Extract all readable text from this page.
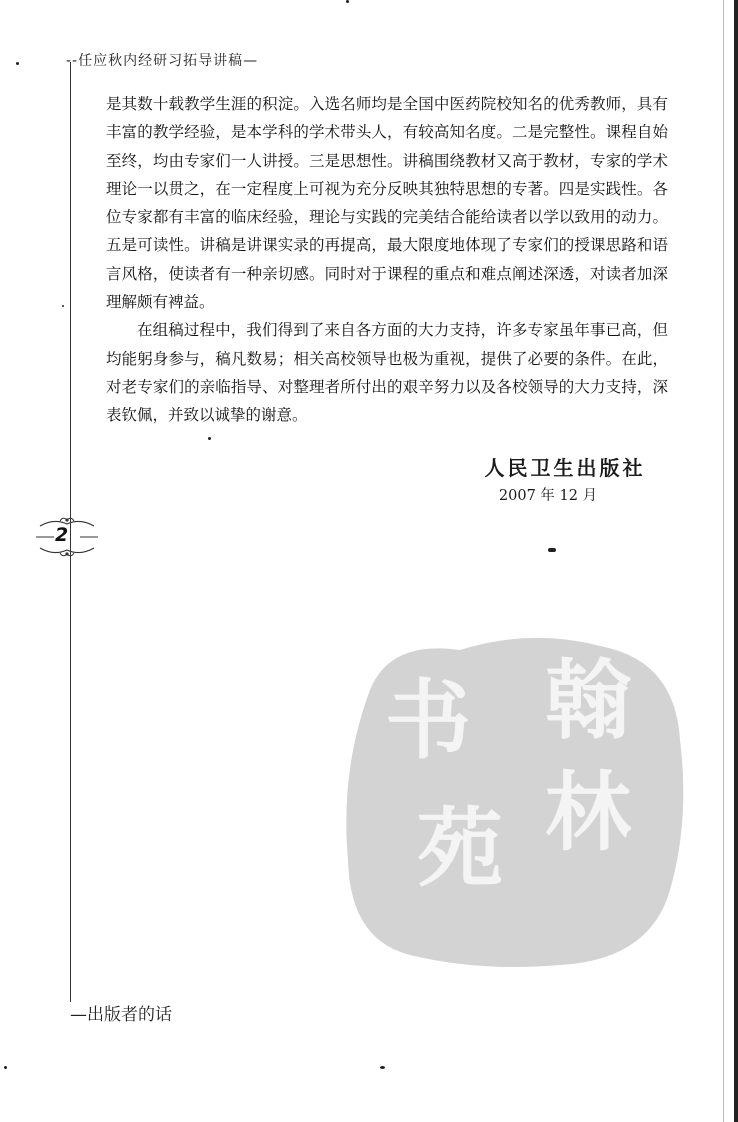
--任应秋内经研习拓导讲稿—

是其数十载教学生涯的积淀。入选名师均是全国中医药院校知名的优秀教师，具有丰富的教学经验，是本学科的学术带头人，有较高知名度。二是完整性。课程自始至终，均由专家们一人讲授。三是思想性。讲稿围绕教材又高于教材，专家的学术理论一以贯之，在一定程度上可视为充分反映其独特思想的专著。四是实践性。各位专家都有丰富的临床经验，理论与实践的完美结合能给读者以学以致用的动力。五是可读性。讲稿是讲课实录的再提高，最大限度地体现了专家们的授课思路和语言风格，使读者有一种亲切感。同时对于课程的重点和难点阐述深透，对读者加深理解颇有裨益。

在组稿过程中，我们得到了来自各方面的大力支持，许多专家虽年事已高，但均能躬身参与，稿凡数易；相关高校领导也极为重视，提供了必要的条件。在此，对老专家们的亲临指导、对整理者所付出的艰辛努力以及各校领导的大力支持，深表钦佩，并致以诚挚的谢意。

人民卫生出版社
2007 年 12 月
2
翰
林
书
苑
—出版者的话
